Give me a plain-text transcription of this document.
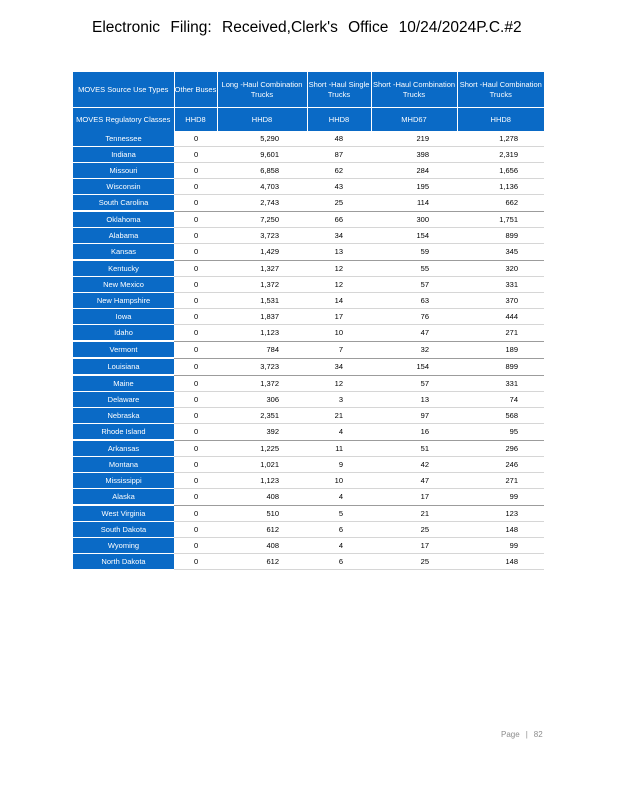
Electronic Filing: Received,Clerk's Office 10/24/2024P.C.#2
MOVES Source Use Types	Other Buses	Long -Haul Combination Trucks	Short -Haul Single Trucks	Short -Haul Combination Trucks	Short -Haul Combination Trucks
MOVES Regulatory Classes	HHD8	HHD8	HHD8	MHD67	HHD8
Tennessee	0	5,290	48	219	1,278
Indiana	0	9,601	87	398	2,319
Missouri	0	6,858	62	284	1,656
Wisconsin	0	4,703	43	195	1,136
South Carolina	0	2,743	25	114	662
Oklahoma	0	7,250	66	300	1,751
Alabama	0	3,723	34	154	899
Kansas	0	1,429	13	59	345
Kentucky	0	1,327	12	55	320
New Mexico	0	1,372	12	57	331
New Hampshire	0	1,531	14	63	370
Iowa	0	1,837	17	76	444
Idaho	0	1,123	10	47	271
Vermont	0	784	7	32	189
Louisiana	0	3,723	34	154	899
Maine	0	1,372	12	57	331
Delaware	0	306	3	13	74
Nebraska	0	2,351	21	97	568
Rhode Island	0	392	4	16	95
Arkansas	0	1,225	11	51	296
Montana	0	1,021	9	42	246
Mississippi	0	1,123	10	47	271
Alaska	0	408	4	17	99
West Virginia	0	510	5	21	123
South Dakota	0	612	6	25	148
Wyoming	0	408	4	17	99
North Dakota	0	612	6	25	148
Page | 82
